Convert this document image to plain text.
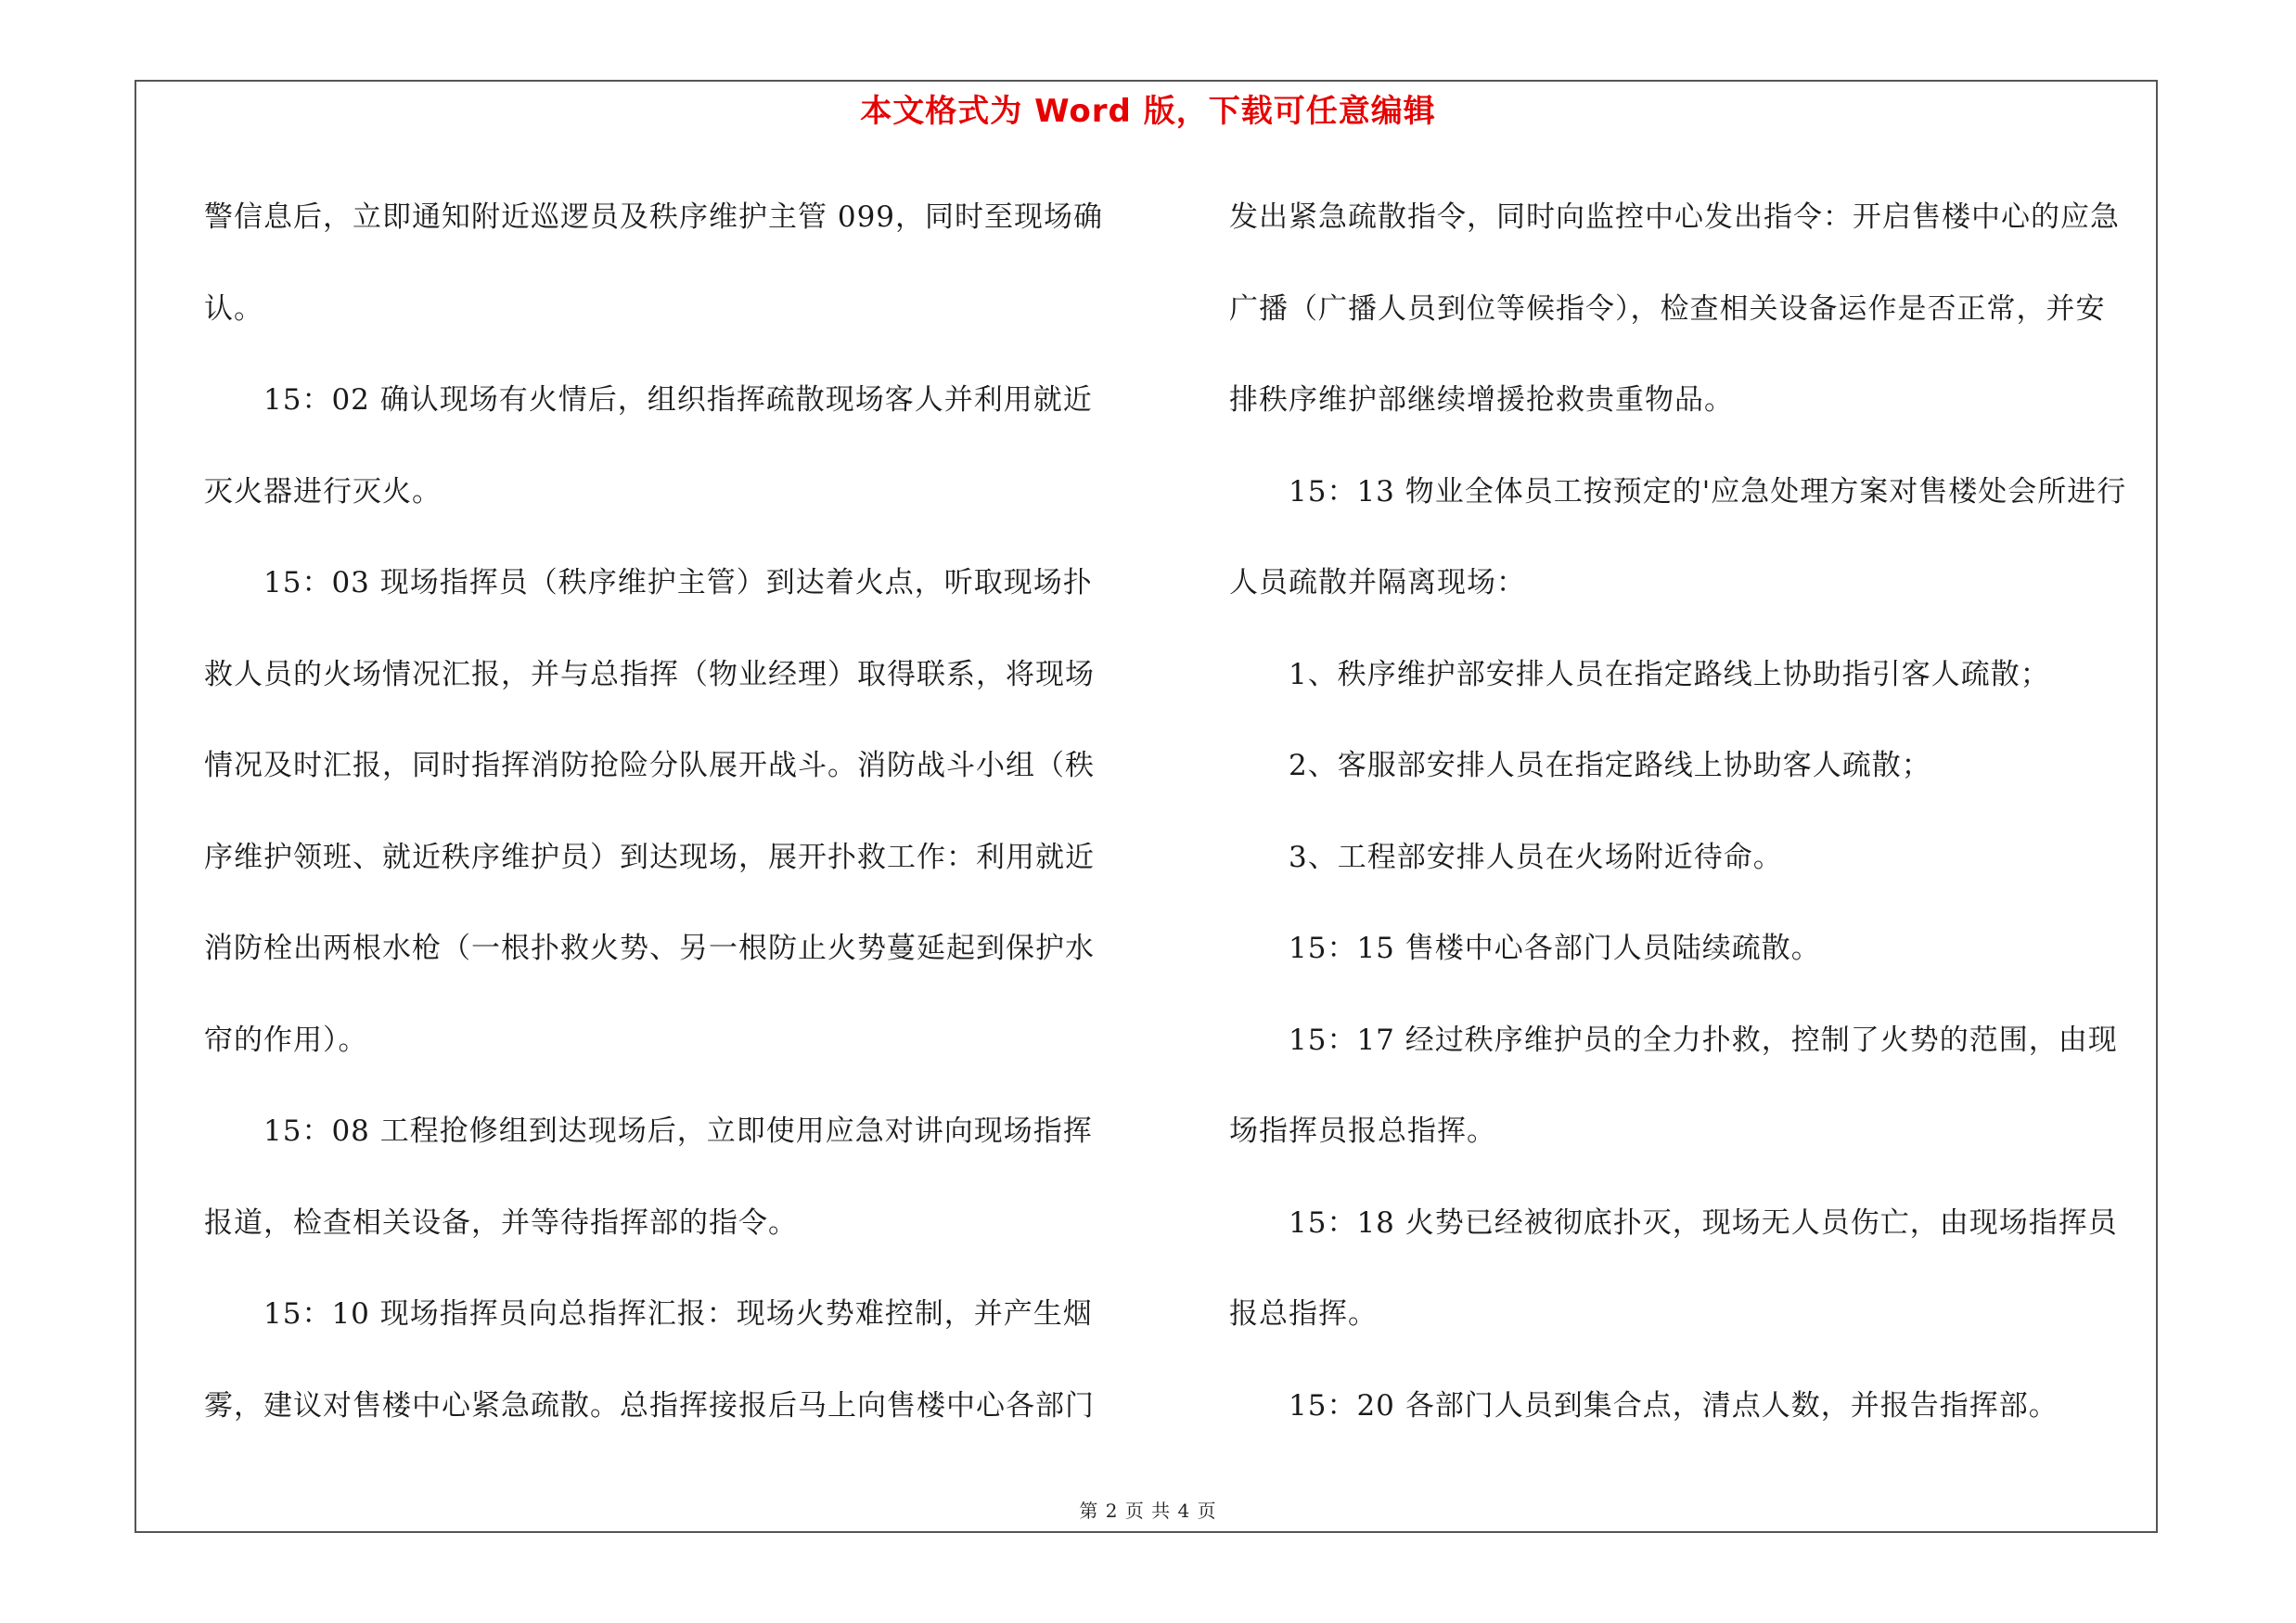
本文格式为 Word 版，下载可任意编辑
警信息后，立即通知附近巡逻员及秩序维护主管 099，同时至现场确
认。
15：02 确认现场有火情后，组织指挥疏散现场客人并利用就近
灭火器进行灭火。
15：03 现场指挥员（秩序维护主管）到达着火点，听取现场扑
救人员的火场情况汇报，并与总指挥（物业经理）取得联系，将现场
情况及时汇报，同时指挥消防抢险分队展开战斗。消防战斗小组（秩
序维护领班、就近秩序维护员）到达现场，展开扑救工作：利用就近
消防栓出两根水枪（一根扑救火势、另一根防止火势蔓延起到保护水
帘的作用）。
15：08 工程抢修组到达现场后，立即使用应急对讲向现场指挥
报道，检查相关设备，并等待指挥部的指令。
15：10 现场指挥员向总指挥汇报：现场火势难控制，并产生烟
雾，建议对售楼中心紧急疏散。总指挥接报后马上向售楼中心各部门
发出紧急疏散指令，同时向监控中心发出指令：开启售楼中心的应急
广播（广播人员到位等候指令），检查相关设备运作是否正常，并安
排秩序维护部继续增援抢救贵重物品。
15：13 物业全体员工按预定的'应急处理方案对售楼处会所进行
人员疏散并隔离现场：
1、秩序维护部安排人员在指定路线上协助指引客人疏散；
2、客服部安排人员在指定路线上协助客人疏散；
3、工程部安排人员在火场附近待命。
15：15 售楼中心各部门人员陆续疏散。
15：17 经过秩序维护员的全力扑救，控制了火势的范围，由现
场指挥员报总指挥。
15：18 火势已经被彻底扑灭，现场无人员伤亡，由现场指挥员
报总指挥。
15：20 各部门人员到集合点，清点人数，并报告指挥部。
第 2 页 共 4 页
